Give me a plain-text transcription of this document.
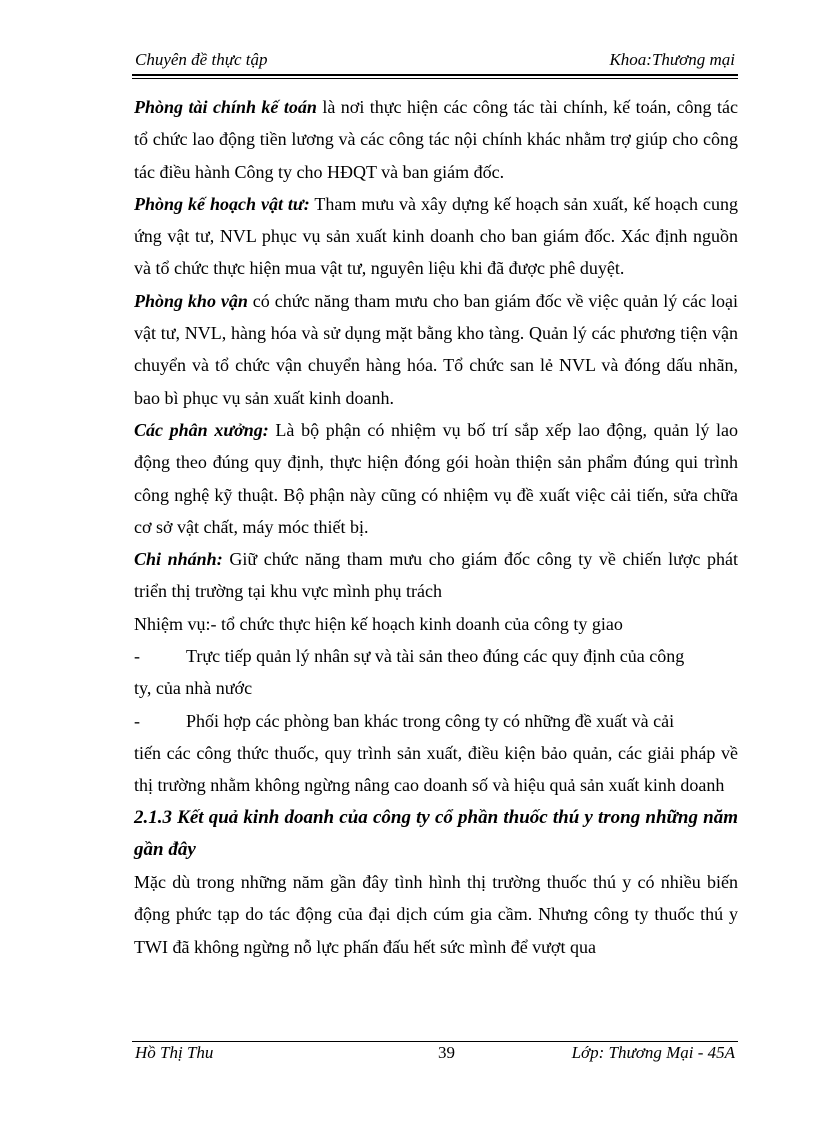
Chuyên đề thực tập	Khoa:Thương mại

Phòng tài chính kế toán là nơi thực hiện các công tác tài chính, kế toán, công tác tổ chức lao động tiền lương và các công tác nội chính khác nhằm trợ giúp cho công tác điều hành Công ty cho HĐQT và ban giám đốc.

Phòng kế hoạch vật tư: Tham mưu và xây dựng kế hoạch sản xuất, kế hoạch cung ứng vật tư, NVL phục vụ sản xuất kinh doanh cho ban giám đốc. Xác định nguồn và tổ chức thực hiện mua vật tư, nguyên liệu khi đã được phê duyệt.

Phòng kho vận có chức năng tham mưu cho ban giám đốc về việc quản lý các loại vật tư, NVL, hàng hóa và sử dụng mặt bằng kho tàng. Quản lý các phương tiện vận chuyển và tổ chức vận chuyển hàng hóa. Tổ chức san lẻ NVL và đóng dấu nhãn, bao bì phục vụ sản xuất kinh doanh.

Các phân xưởng: Là bộ phận có nhiệm vụ bố trí sắp xếp lao động, quản lý lao động theo đúng quy định, thực hiện đóng gói hoàn thiện sản phẩm đúng qui trình công nghệ kỹ thuật. Bộ phận này cũng có nhiệm vụ đề xuất việc cải tiến, sửa chữa cơ sở vật chất, máy móc thiết bị.

Chi nhánh: Giữ chức năng tham mưu cho giám đốc công ty về chiến lược phát triển thị trường tại khu vực mình phụ trách

Nhiệm vụ:- tổ chức thực hiện kế hoạch kinh doanh của công ty giao

-	Trực tiếp quản lý nhân sự và tài sản theo đúng các quy định của công

ty, của nhà nước

-	Phối hợp các phòng ban khác trong công ty có những đề xuất và cải

tiến các công thức thuốc, quy trình sản xuất, điều kiện bảo quản, các giải pháp về thị trường nhằm không ngừng nâng cao doanh số và hiệu quả sản xuất kinh doanh

2.1.3 Kết quả kinh doanh của công ty cổ phần thuốc thú y trong những năm gần đây

Mặc dù trong những năm gần đây tình hình thị trường thuốc thú y có nhiều biến động phức tạp do tác động của đại dịch cúm gia cầm. Nhưng công ty thuốc thú y TWI đã không ngừng nỗ lực phấn đấu hết sức mình để vượt qua

Hồ Thị Thu	39	Lớp: Thương Mại - 45A
